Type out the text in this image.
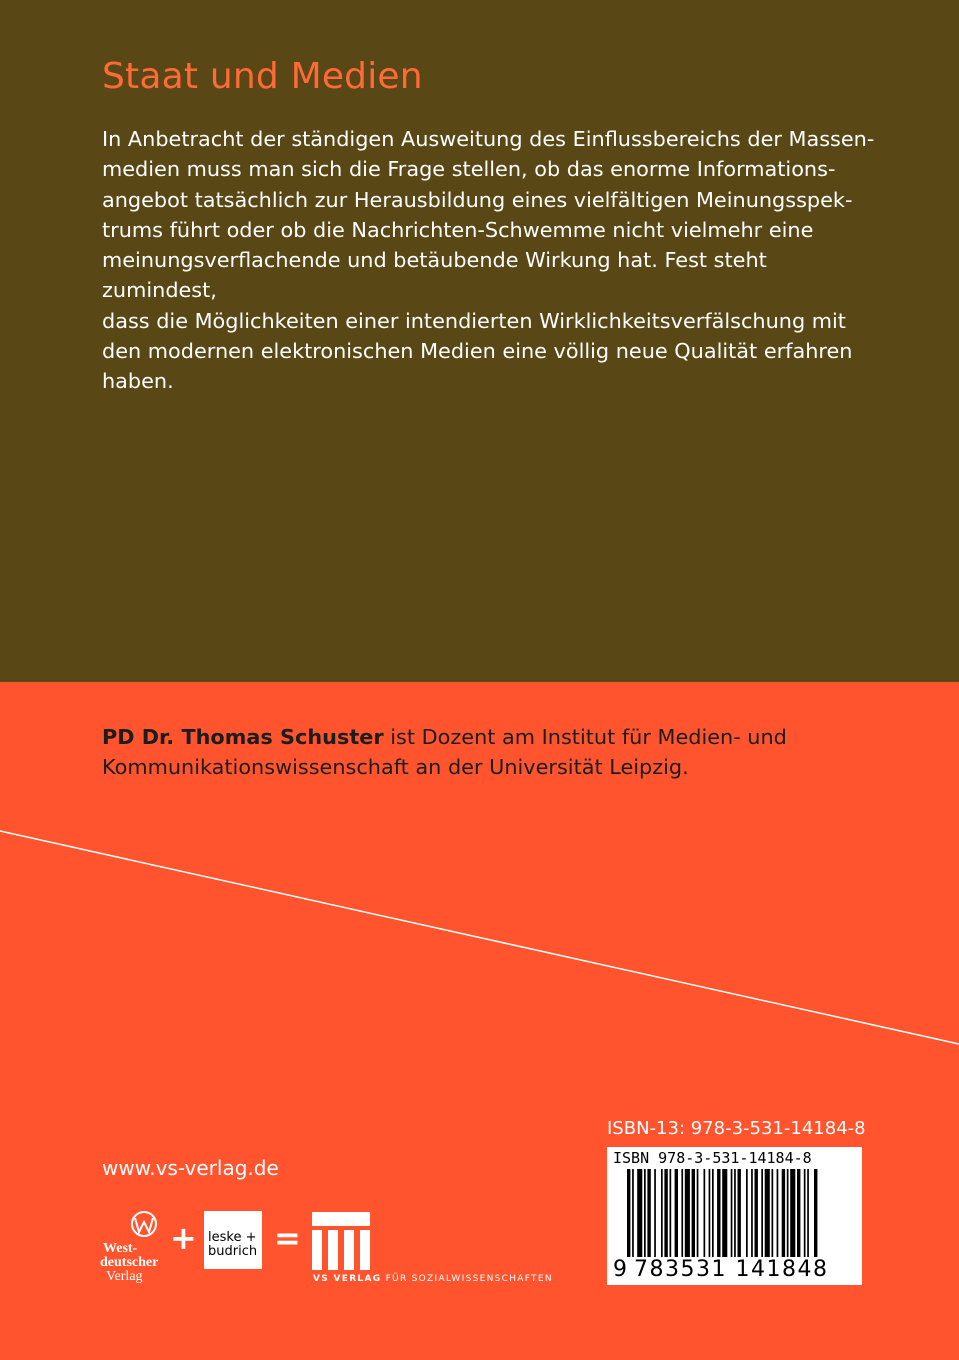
Staat und Medien

In Anbetracht der ständigen Ausweitung des Einflussbereichs der Massen-
medien muss man sich die Frage stellen, ob das enorme Informations-
angebot tatsächlich zur Herausbildung eines vielfältigen Meinungsspek-
trums führt oder ob die Nachrichten-Schwemme nicht vielmehr eine
meinungsverflachende und betäubende Wirkung hat. Fest steht zumindest,
dass die Möglichkeiten einer intendierten Wirklichkeitsverfälschung mit
den modernen elektronischen Medien eine völlig neue Qualität erfahren
haben.

PD Dr. Thomas Schuster ist Dozent am Institut für Medien- und
Kommunikationswissenschaft an der Universität Leipzig.

www.vs-verlag.de
ISBN-13: 978-3-531-14184-8
ISBN 978-3-531-14184-8
9 783531 141848
West-
deutscher
Verlag
+ leske +
budrich =
VS VERLAG FÜR SOZIALWISSENSCHAFTEN
